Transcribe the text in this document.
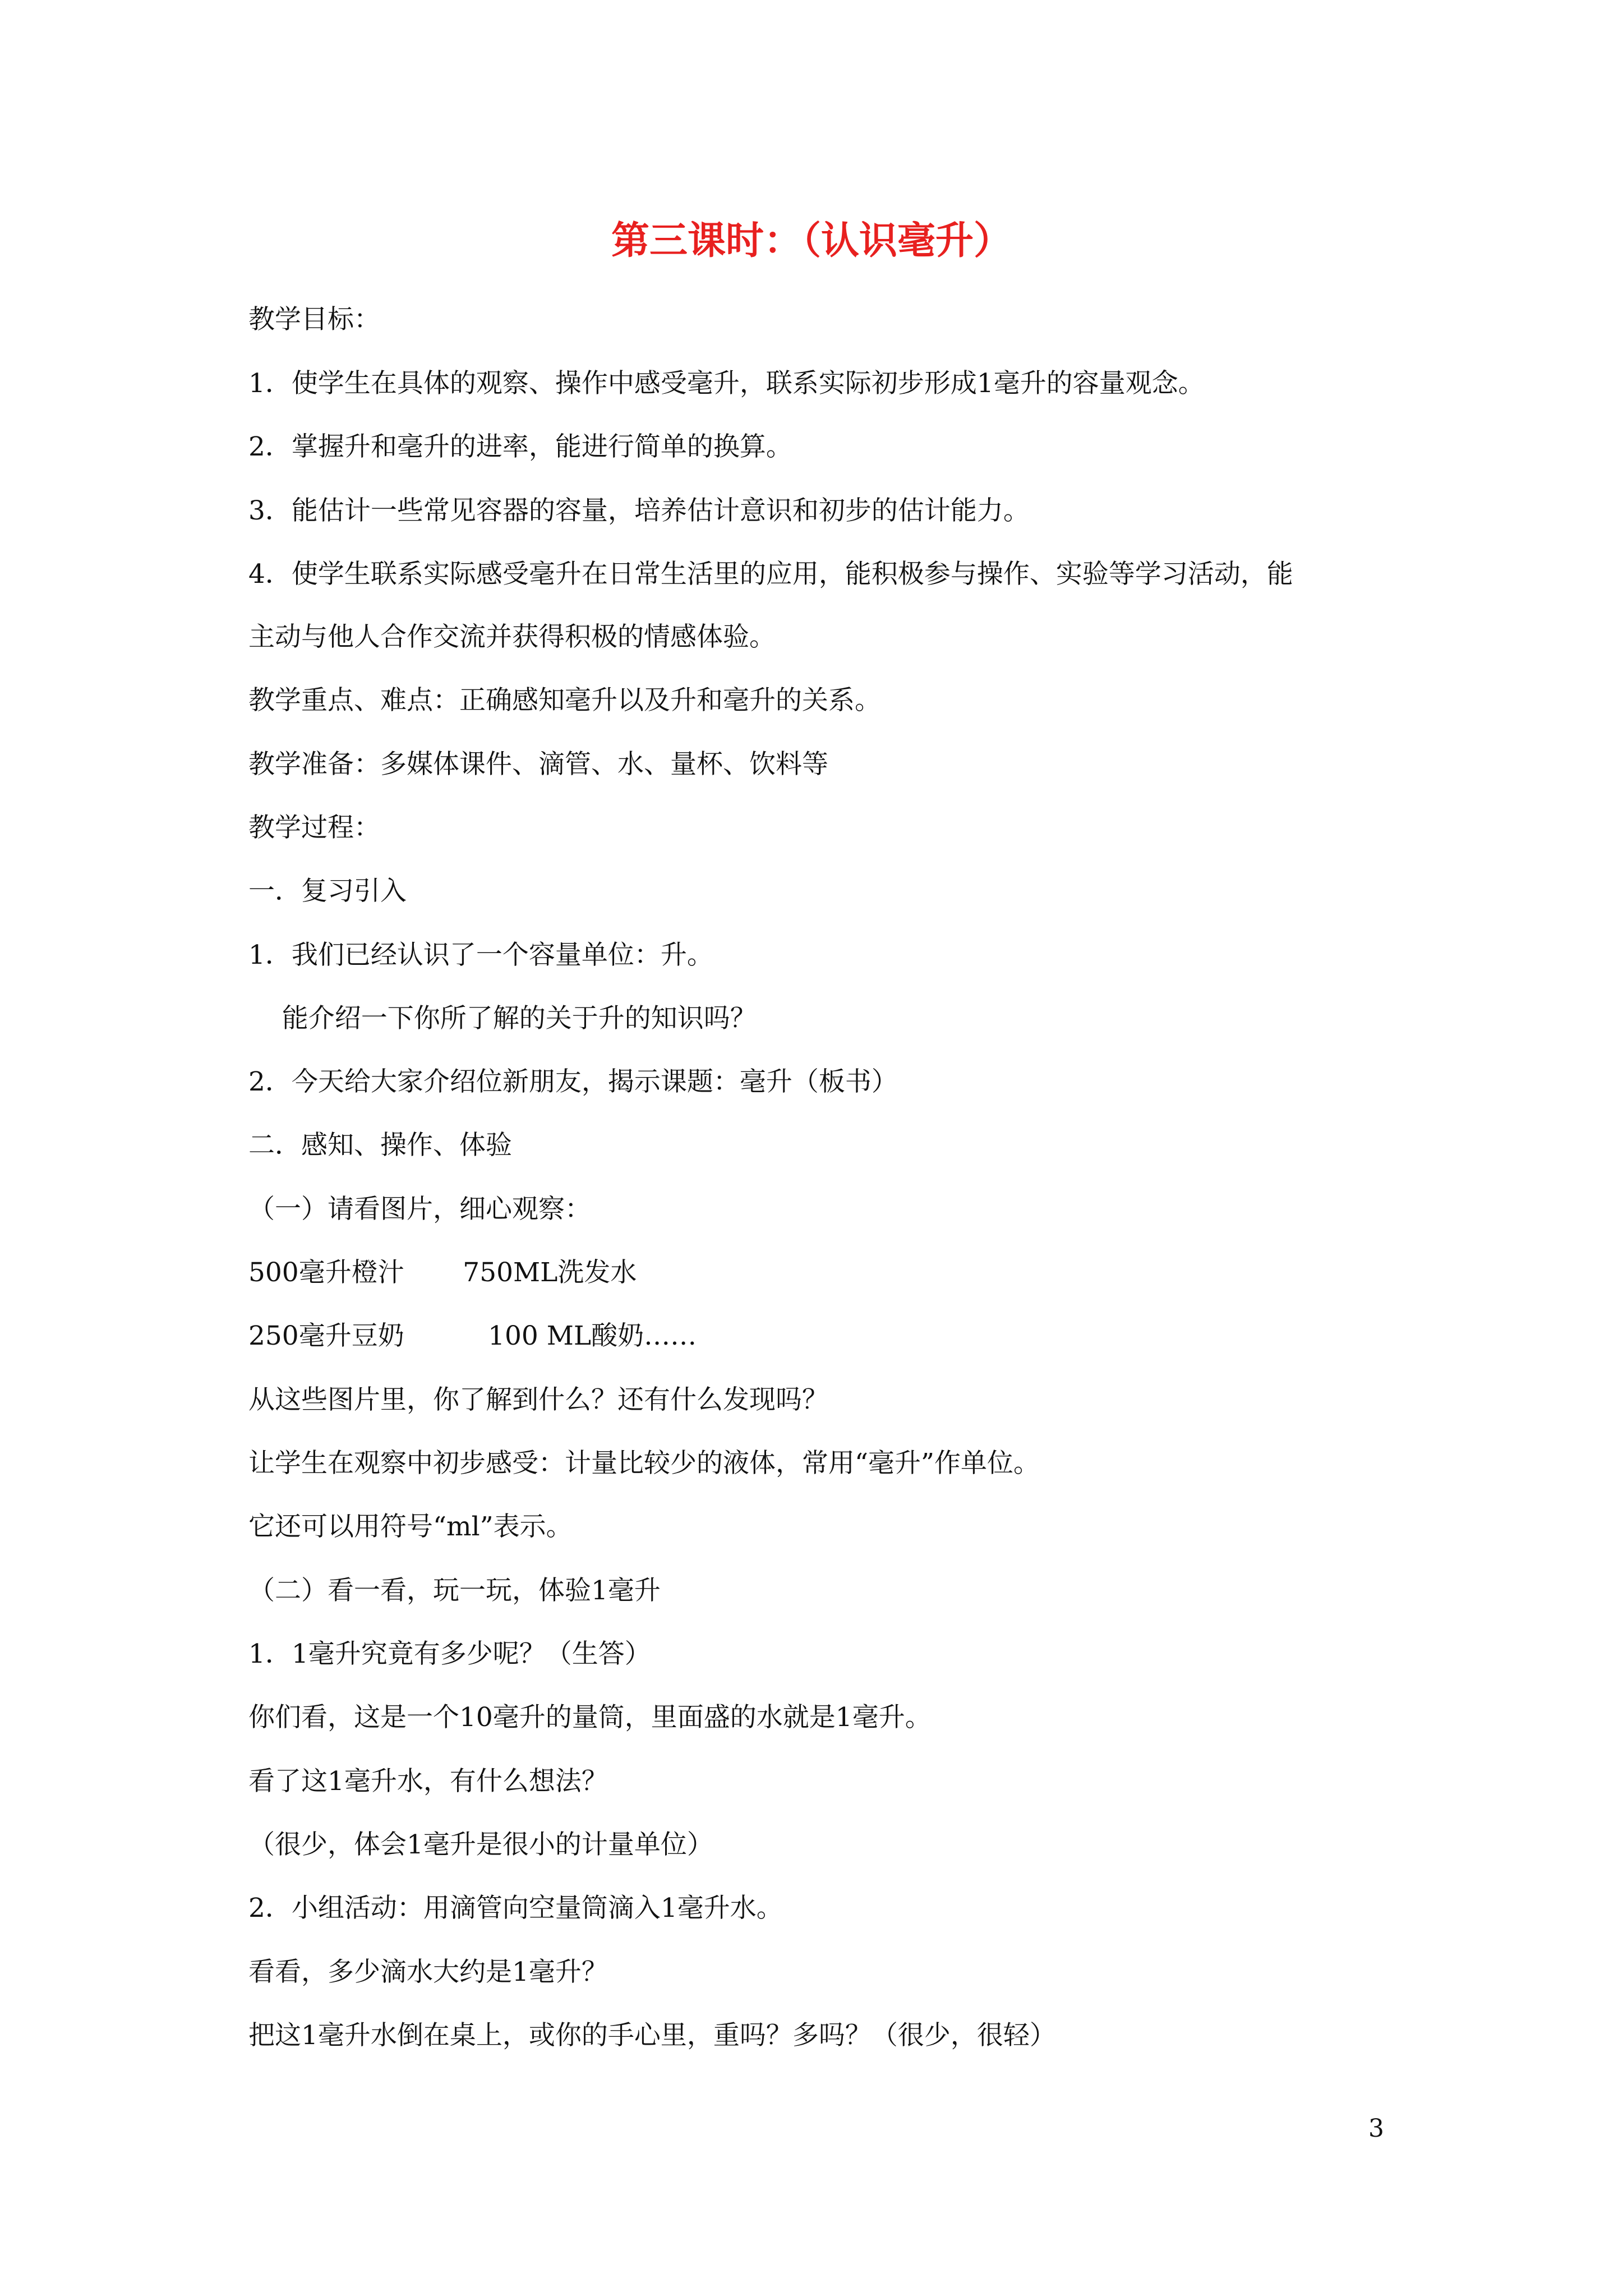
第三课时：（认识毫升）
教学目标：
1．使学生在具体的观察、操作中感受毫升，联系实际初步形成1毫升的容量观念。
2．掌握升和毫升的进率，能进行简单的换算。
3．能估计一些常见容器的容量，培养估计意识和初步的估计能力。
4．使学生联系实际感受毫升在日常生活里的应用，能积极参与操作、实验等学习活动，能
主动与他人合作交流并获得积极的情感体验。
教学重点、难点：正确感知毫升以及升和毫升的关系。
教学准备：多媒体课件、滴管、水、量杯、饮料等
教学过程：
一．复习引入
1．我们已经认识了一个容量单位：升。
能介绍一下你所了解的关于升的知识吗？
2．今天给大家介绍位新朋友，揭示课题：毫升（板书）
二．感知、操作、体验
（一）请看图片，细心观察：
500毫升橙汁       750ML洗发水
250毫升豆奶          100 ML酸奶……
从这些图片里，你了解到什么？还有什么发现吗？
让学生在观察中初步感受：计量比较少的液体，常用“毫升”作单位。
它还可以用符号“ml”表示。
（二）看一看，玩一玩，体验1毫升
1．1毫升究竟有多少呢？（生答）
你们看，这是一个10毫升的量筒，里面盛的水就是1毫升。
看了这1毫升水，有什么想法？
（很少，体会1毫升是很小的计量单位）
2．小组活动：用滴管向空量筒滴入1毫升水。
看看，多少滴水大约是1毫升？
把这1毫升水倒在桌上，或你的手心里，重吗？多吗？（很少，很轻）
3
